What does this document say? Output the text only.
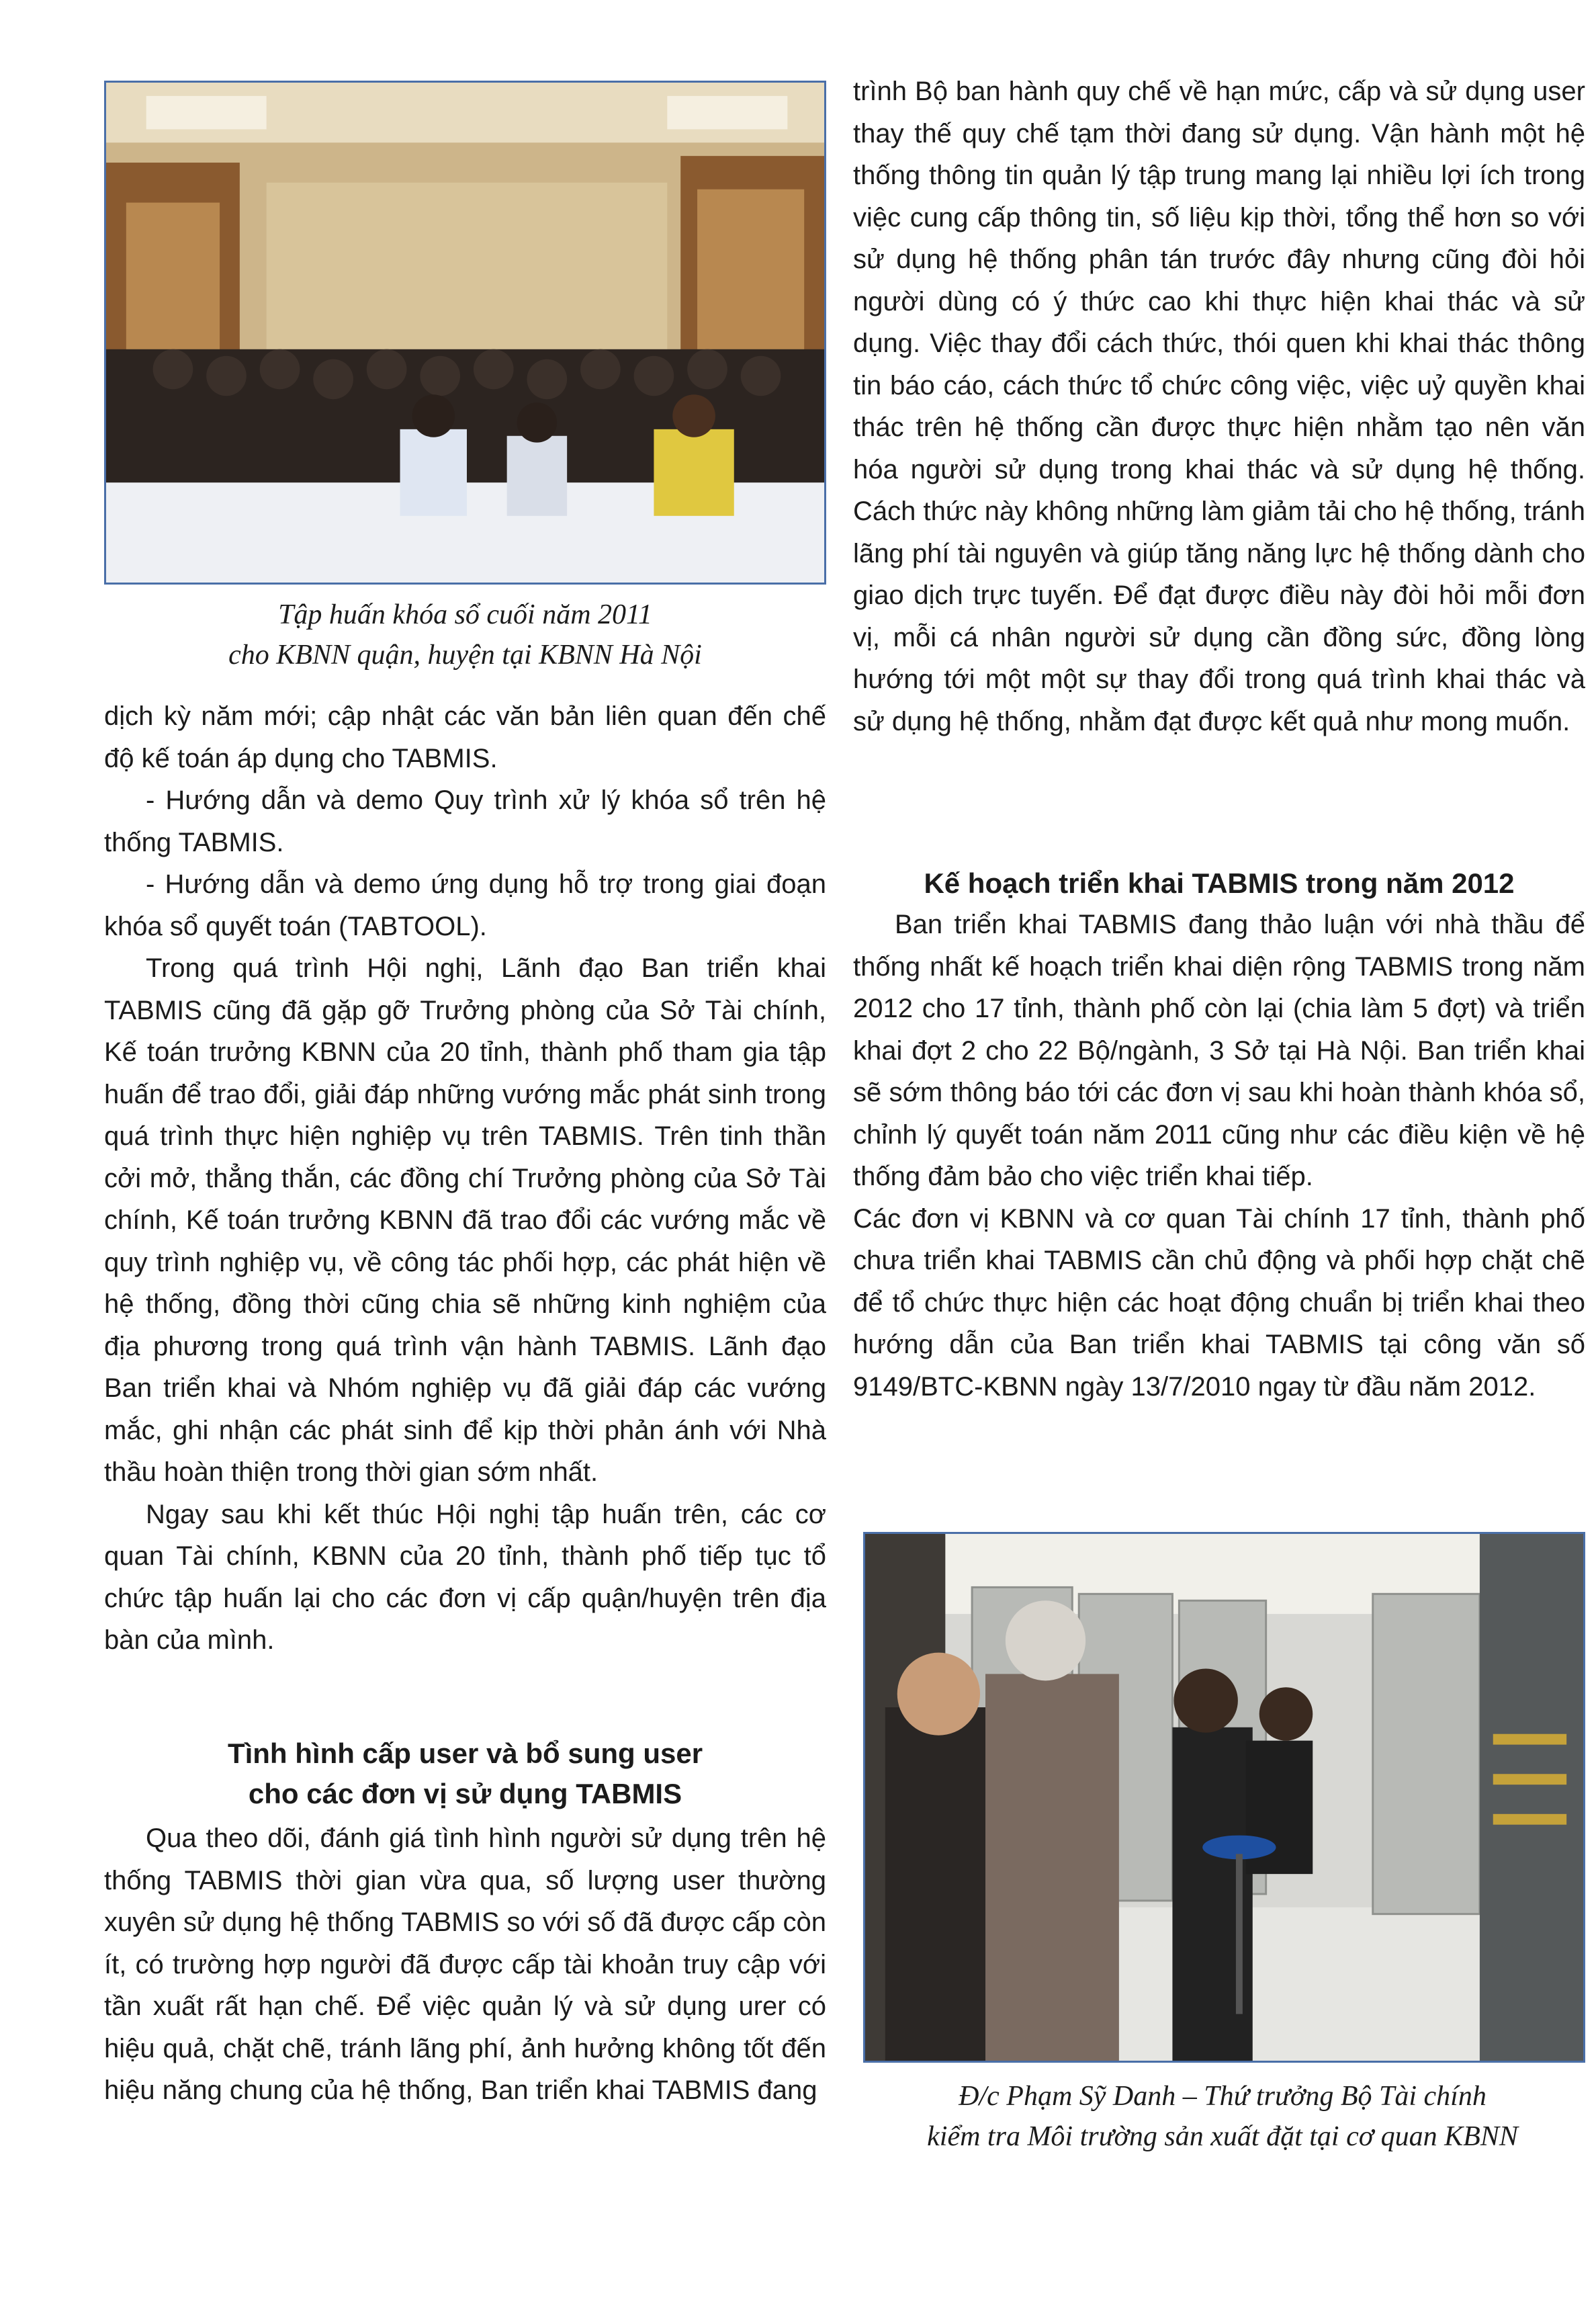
Tập huấn khóa sổ cuối năm 2011

cho KBNN quận, huyện tại KBNN Hà Nội

dịch kỳ năm mới; cập nhật các văn bản liên quan đến chế độ kế toán áp dụng cho TABMIS.

- Hướng dẫn và demo Quy trình xử lý khóa sổ trên hệ thống TABMIS.

- Hướng dẫn và demo ứng dụng hỗ trợ trong giai đoạn khóa sổ quyết toán (TABTOOL).

Trong quá trình Hội nghị, Lãnh đạo Ban triển khai TABMIS cũng đã gặp gỡ Trưởng phòng của Sở Tài chính, Kế toán trưởng KBNN của 20 tỉnh, thành phố tham gia tập huấn để trao đổi, giải đáp những vướng mắc phát sinh trong quá trình thực hiện nghiệp vụ trên TABMIS. Trên tinh thần cởi mở, thẳng thắn, các đồng chí Trưởng phòng của Sở Tài chính, Kế toán trưởng KBNN đã trao đổi các vướng mắc về quy trình nghiệp vụ, về công tác phối hợp, các phát hiện về hệ thống, đồng thời cũng chia sẽ những kinh nghiệm của địa phương trong quá trình vận hành TABMIS. Lãnh đạo Ban triển khai và Nhóm nghiệp vụ đã giải đáp các vướng mắc, ghi nhận các phát sinh để kịp thời phản ánh với Nhà thầu hoàn thiện trong thời gian sớm nhất.

Ngay sau khi kết thúc Hội nghị tập huấn trên, các cơ quan Tài chính, KBNN của 20 tỉnh, thành phố tiếp tục tổ chức tập huấn lại cho các đơn vị cấp quận/huyện trên địa bàn của mình.

Tình hình cấp user và bổ sung user

cho các đơn vị sử dụng TABMIS

Qua theo dõi, đánh giá tình hình người sử dụng trên hệ thống TABMIS thời gian vừa qua, số lượng user thường xuyên sử dụng hệ thống TABMIS so với số đã được cấp còn ít, có trường hợp người đã được cấp tài khoản truy cập với tần xuất rất hạn chế. Để việc quản lý và sử dụng urer có hiệu quả, chặt chẽ, tránh lãng phí, ảnh hưởng không tốt đến hiệu năng chung của hệ thống, Ban triển khai TABMIS đang

trình Bộ ban hành quy chế về hạn mức, cấp và sử dụng user thay thế quy chế tạm thời đang sử dụng. Vận hành một hệ thống thông tin quản lý tập trung mang lại nhiều lợi ích trong việc cung cấp thông tin, số liệu kịp thời, tổng thể hơn so với sử dụng hệ thống phân tán trước đây nhưng cũng đòi hỏi người dùng có ý thức cao khi thực hiện khai thác và sử dụng. Việc thay đổi cách thức, thói quen khi khai thác thông tin báo cáo, cách thức tổ chức công việc, việc uỷ quyền khai thác trên hệ thống cần được thực hiện nhằm tạo nên văn hóa người sử dụng trong khai thác và sử dụng hệ thống. Cách thức này không những làm giảm tải cho hệ thống, tránh lãng phí tài nguyên và giúp tăng năng lực hệ thống dành cho giao dịch trực tuyến. Để đạt được điều này đòi hỏi mỗi đơn vị, mỗi cá nhân người sử dụng cần đồng sức, đồng lòng hướng tới một một sự thay đổi trong quá trình khai thác và sử dụng hệ thống, nhằm đạt được kết quả như mong muốn.

Kế hoạch triển khai TABMIS trong năm 2012

Ban triển khai TABMIS đang thảo luận với nhà thầu để thống nhất kế hoạch triển khai diện rộng TABMIS trong năm 2012 cho 17 tỉnh, thành phố còn lại (chia làm 5 đợt) và triển khai đợt 2 cho 22 Bộ/ngành, 3 Sở tại Hà Nội. Ban triển khai sẽ sớm thông báo tới các đơn vị sau khi hoàn thành khóa sổ, chỉnh lý quyết toán năm 2011 cũng như các điều kiện về hệ thống đảm bảo cho việc triển khai tiếp.

Các đơn vị KBNN và cơ quan Tài chính 17 tỉnh, thành phố chưa triển khai TABMIS cần chủ động và phối hợp chặt chẽ để tổ chức thực hiện các hoạt động chuẩn bị triển khai theo hướng dẫn của Ban triển khai TABMIS tại công văn số 9149/BTC-KBNN ngày 13/7/2010 ngay từ đầu năm 2012.

Đ/c Phạm Sỹ Danh – Thứ trưởng Bộ Tài chính

kiểm tra Môi trường sản xuất đặt tại cơ quan KBNN
